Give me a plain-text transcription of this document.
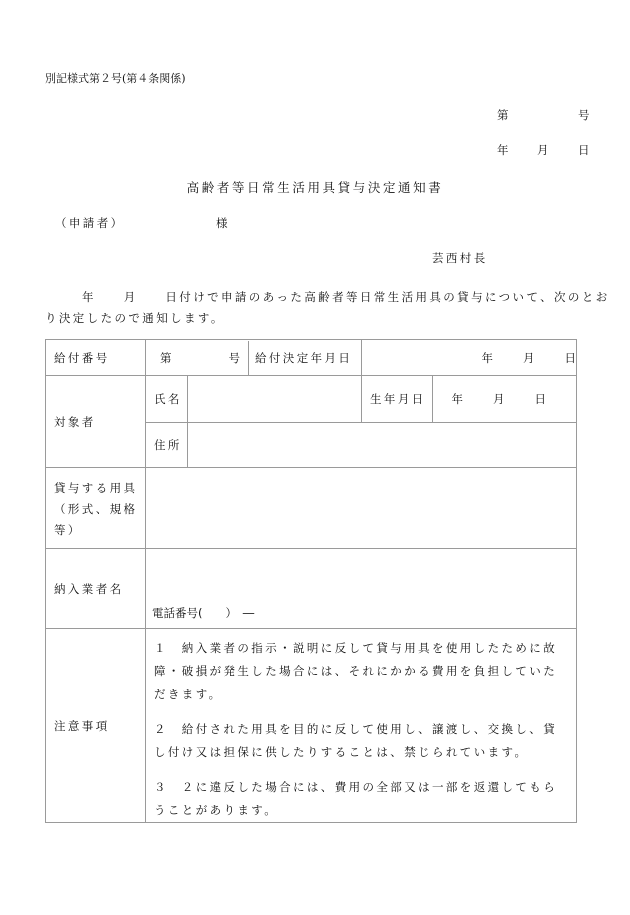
別記様式第２号(第４条関係)
第	号
年 月	日
高齢者等日常生活用具貸与決定通知書
（申請者）	様
芸西村長
年　　月　　日付けで申請のあった高齢者等日常生活用具の貸与について、次のとお
り決定したので通知します。
給付番号	第 号 給付決定年月日		年 月 日	
対象者	氏名		生年月日	年 月 日
	住所			

貸与する用具
（形式、規格
等）				

納入業者名	電話番号(　　）　―			

注意事項	１　納入業者の指示・説明に反して貸与用具を使用したために故障・破損が発生した場合には、それにかかる費用を負担していただきます。
２　給付された用具を目的に反して使用し、譲渡し、交換し、貸し付け又は担保に供したりすることは、禁じられています。
３　２に違反した場合には、費用の全部又は一部を返還してもらうことがあります。			
